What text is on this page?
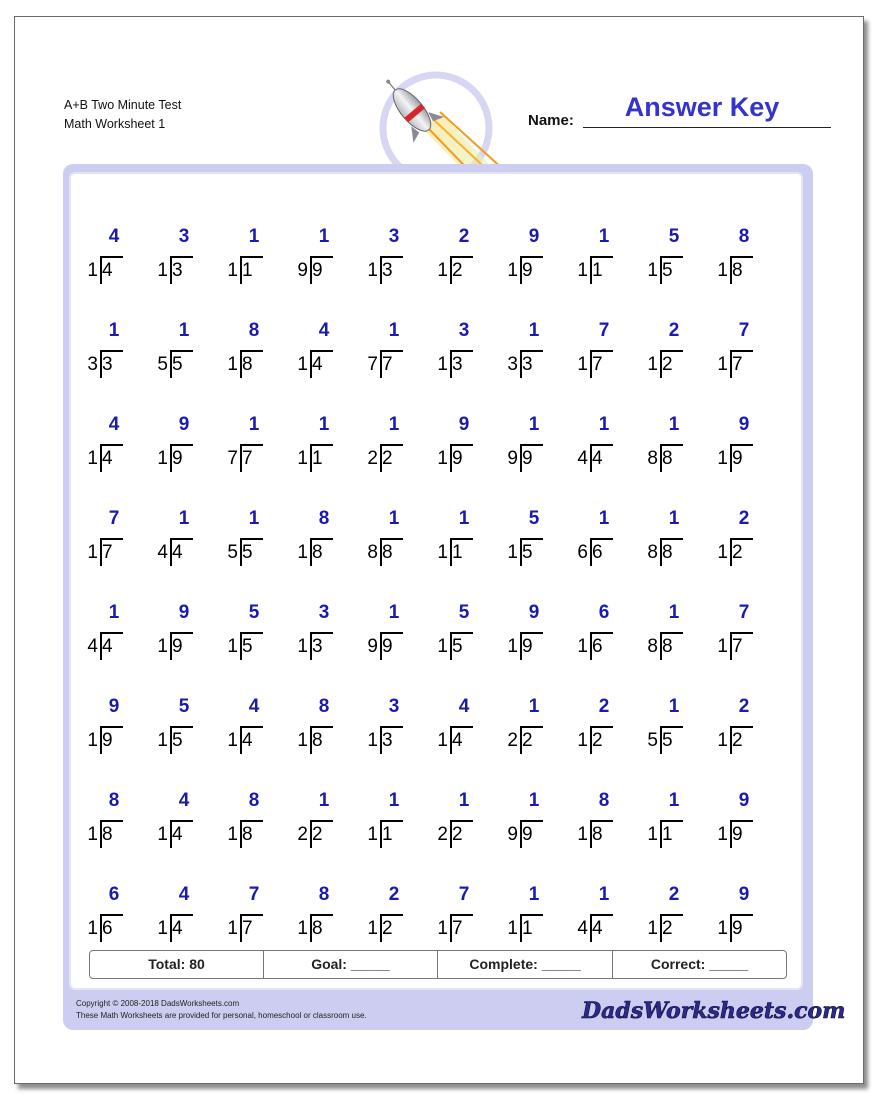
A+B Two Minute Test
Math Worksheet 1	Name:	Answer Key
4
1 4
3
1 3
1
1 1
1
9 9
3
1 3
2
1 2
9
1 9
1
1 1
5
1 5
8
1 8
1
3 3
1
5 5
8
1 8
4
1 4
1
7 7
3
1 3
1
3 3
7
1 7
2
1 2
7
1 7
4
1 4
9
1 9
1
7 7
1
1 1
1
2 2
9
1 9
1
9 9
1
4 4
1
8 8
9
1 9
7
1 7
1
4 4
1
5 5
8
1 8
1
8 8
1
1 1
5
1 5
1
6 6
1
8 8
2
1 2
1
4 4
9
1 9
5
1 5
3
1 3
1
9 9
5
1 5
9
1 9
6
1 6
1
8 8
7
1 7
9
1 9
5
1 5
4
1 4
8
1 8
3
1 3
4
1 4
1
2 2
2
1 2
1
5 5
2
1 2
8
1 8
4
1 4
8
1 8
1
2 2
1
1 1
1
2 2
1
9 9
8
1 8
1
1 1
9
1 9
6
1 6
4
1 4
7
1 7
8
1 8
2
1 2
7
1 7
1
1 1
1
4 4
2
1 2
9
1 9
Total: 80	Goal: _____	Complete: _____	Correct: _____
Copyright © 2008-2018 DadsWorksheets.com
These Math Worksheets are provided for personal, homeschool or classroom use.	DadsWorksheets.com
